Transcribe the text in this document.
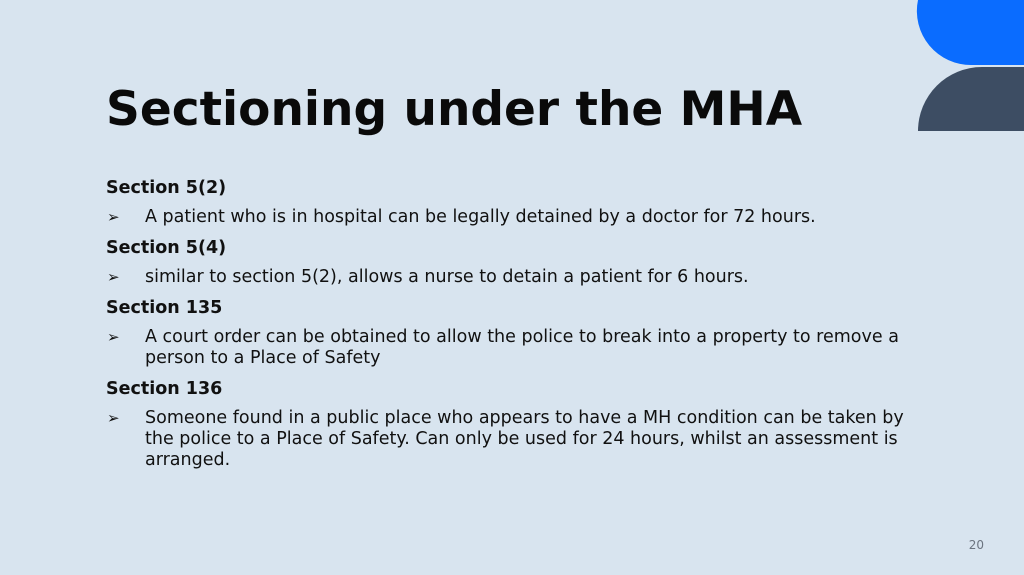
Sectioning under the MHA
Section 5(2)
➢	A patient who is in hospital can be legally detained by a doctor for 72 hours.
Section 5(4)
➢	similar to section 5(2), allows a nurse to detain a patient for 6 hours.
Section 135
➢	A court order can be obtained to allow the police to break into a property to remove a person to a Place of Safety
Section 136
➢	Someone found in a public place who appears to have a MH condition can be taken by the police to a Place of Safety. Can only be used for 24 hours, whilst an assessment is arranged.
20
